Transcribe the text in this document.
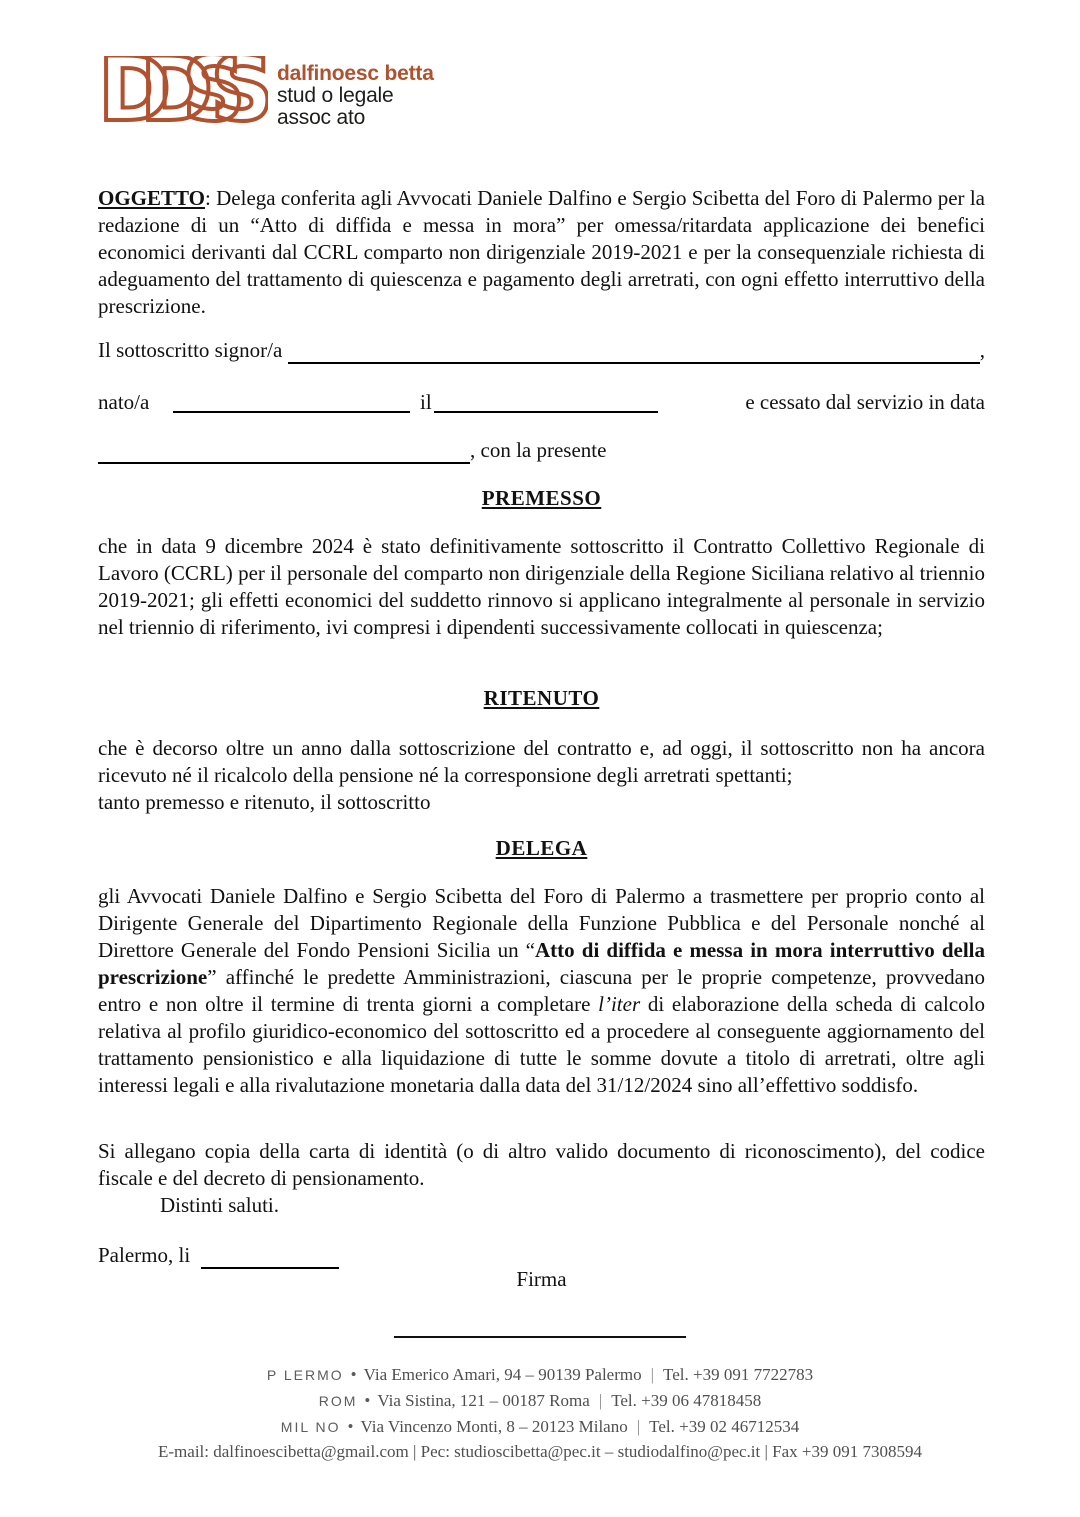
DDSS	dalfinoesc betta
stud o legale
assoc ato
OGGETTO: Delega conferita agli Avvocati Daniele Dalfino e Sergio Scibetta del Foro di Palermo per la redazione di un “Atto di diffida e messa in mora” per omessa/ritardata applicazione dei benefici economici derivanti dal CCRL comparto non dirigenziale 2019-2021 e per la consequenziale richiesta di adeguamento del trattamento di quiescenza e pagamento degli arretrati, con ogni effetto interruttivo della prescrizione.
Il sottoscritto signor/a	,
nato/a	il	e cessato dal servizio in data
, con la presente
PREMESSO
che in data 9 dicembre 2024 è stato definitivamente sottoscritto il Contratto Collettivo Regionale di Lavoro (CCRL) per il personale del comparto non dirigenziale della Regione Siciliana relativo al triennio 2019-2021; gli effetti economici del suddetto rinnovo si applicano integralmente al personale in servizio nel triennio di riferimento, ivi compresi i dipendenti successivamente collocati in quiescenza;
RITENUTO
che è decorso oltre un anno dalla sottoscrizione del contratto e, ad oggi, il sottoscritto non ha ancora ricevuto né il ricalcolo della pensione né la corresponsione degli arretrati spettanti;
tanto premesso e ritenuto, il sottoscritto
DELEGA
gli Avvocati Daniele Dalfino e Sergio Scibetta del Foro di Palermo a trasmettere per proprio conto al Dirigente Generale del Dipartimento Regionale della Funzione Pubblica e del Personale nonché al Direttore Generale del Fondo Pensioni Sicilia un “Atto di diffida e messa in mora interruttivo della prescrizione” affinché le predette Amministrazioni, ciascuna per le proprie competenze, provvedano entro e non oltre il termine di trenta giorni a completare l’iter di elaborazione della scheda di calcolo relativa al profilo giuridico-economico del sottoscritto ed a procedere al conseguente aggiornamento del trattamento pensionistico e alla liquidazione di tutte le somme dovute a titolo di arretrati, oltre agli interessi legali e alla rivalutazione monetaria dalla data del 31/12/2024 sino all’effettivo soddisfo.
Si allegano copia della carta di identità (o di altro valido documento di riconoscimento), del codice fiscale e del decreto di pensionamento.
Distinti saluti.
Palermo, li
Firma
P LERMO • Via Emerico Amari, 94 – 90139 Palermo | Tel. +39 091 7722783
ROM • Via Sistina, 121 – 00187 Roma | Tel. +39 06 47818458
MIL NO • Via Vincenzo Monti, 8 – 20123 Milano | Tel. +39 02 46712534
E-mail: dalfinoescibetta@gmail.com | Pec: studioscibetta@pec.it – studiodalfino@pec.it | Fax +39 091 7308594
